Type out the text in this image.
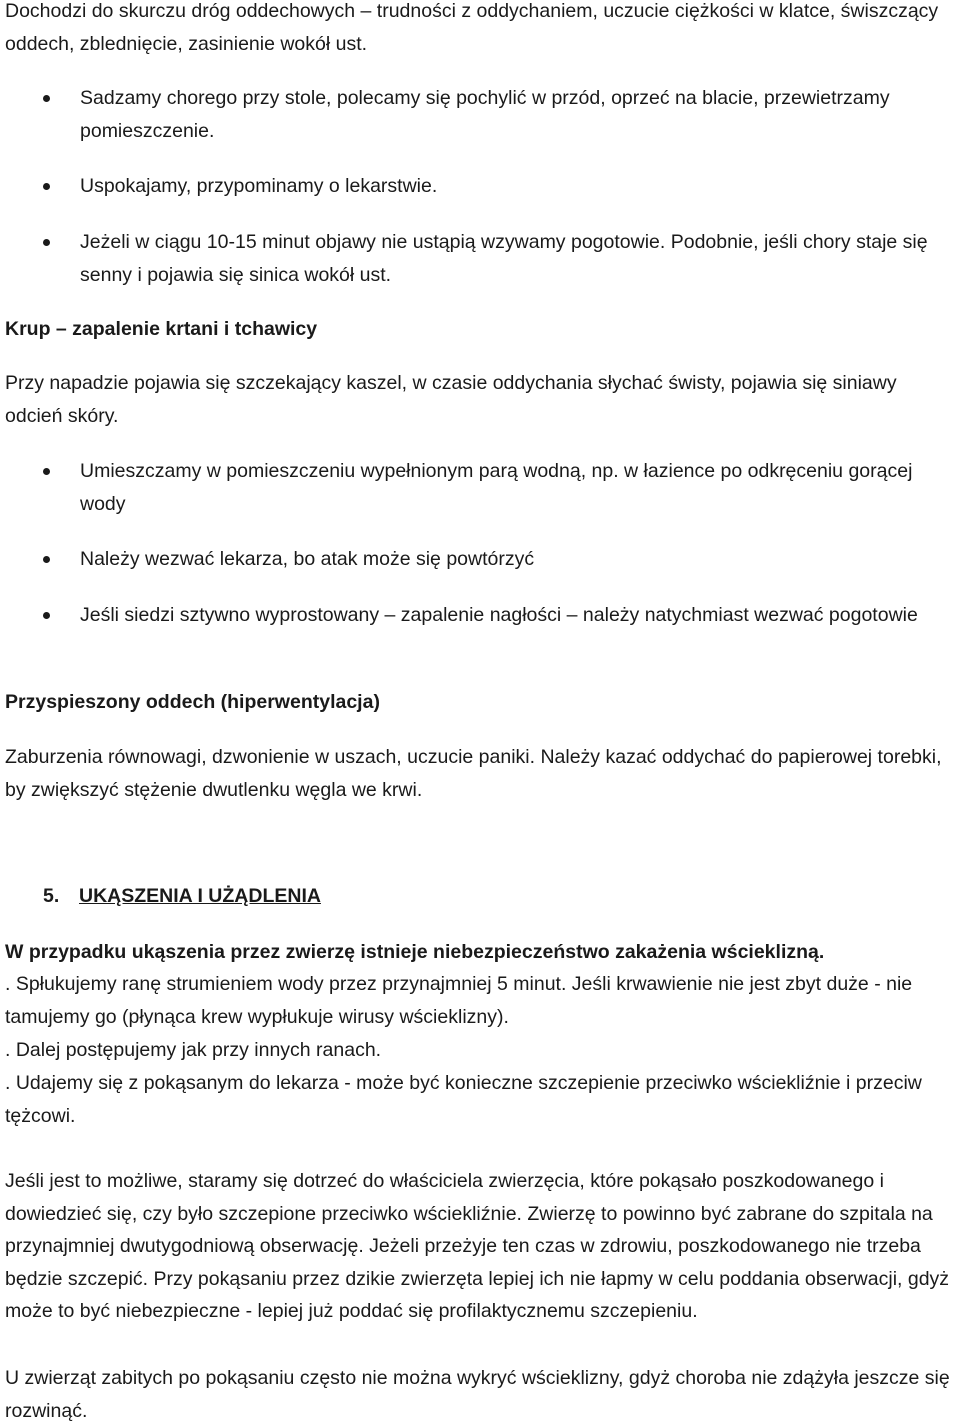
Dochodzi do skurczu dróg oddechowych – trudności z oddychaniem, uczucie ciężkości w klatce, świszczący oddech, zblednięcie, zasinienie wokół ust.

Sadzamy chorego przy stole, polecamy się pochylić w przód, oprzeć na blacie, przewietrzamy pomieszczenie.

Uspokajamy, przypominamy o lekarstwie.

Jeżeli w ciągu 10-15 minut objawy nie ustąpią wzywamy pogotowie. Podobnie, jeśli chory staje się senny i pojawia się sinica wokół ust.

Krup – zapalenie krtani i tchawicy

Przy napadzie pojawia się szczekający kaszel, w czasie oddychania słychać świsty, pojawia się siniawy odcień skóry.

Umieszczamy w pomieszczeniu wypełnionym parą wodną, np. w łazience po odkręceniu gorącej wody

Należy wezwać lekarza, bo atak może się powtórzyć

Jeśli siedzi sztywno wyprostowany – zapalenie nagłości – należy natychmiast wezwać pogotowie

Przyspieszony oddech (hiperwentylacja)

Zaburzenia równowagi, dzwonienie w uszach, uczucie paniki. Należy kazać oddychać do papierowej torebki, by zwiększyć stężenie dwutlenku węgla we krwi.

5. UKĄSZENIA I UŻĄDLENIA

W przypadku ukąszenia przez zwierzę istnieje niebezpieczeństwo zakażenia wścieklizną.

. Spłukujemy ranę strumieniem wody przez przynajmniej 5 minut. Jeśli krwawienie nie jest zbyt duże - nie tamujemy go (płynąca krew wypłukuje wirusy wścieklizny).

. Dalej postępujemy jak przy innych ranach.

. Udajemy się z pokąsanym do lekarza - może być konieczne szczepienie przeciwko wściekliźnie i przeciw tężcowi.

Jeśli jest to możliwe, staramy się dotrzeć do właściciela zwierzęcia, które pokąsało poszkodowanego i dowiedzieć się, czy było szczepione przeciwko wściekliźnie. Zwierzę to powinno być zabrane do szpitala na przynajmniej dwutygodniową obserwację. Jeżeli przeżyje ten czas w zdrowiu, poszkodowanego nie trzeba będzie szczepić. Przy pokąsaniu przez dzikie zwierzęta lepiej ich nie łapmy w celu poddania obserwacji, gdyż może to być niebezpieczne - lepiej już poddać się profilaktycznemu szczepieniu.

U zwierząt zabitych po pokąsaniu często nie można wykryć wścieklizny, gdyż choroba nie zdążyła jeszcze się rozwinąć.
